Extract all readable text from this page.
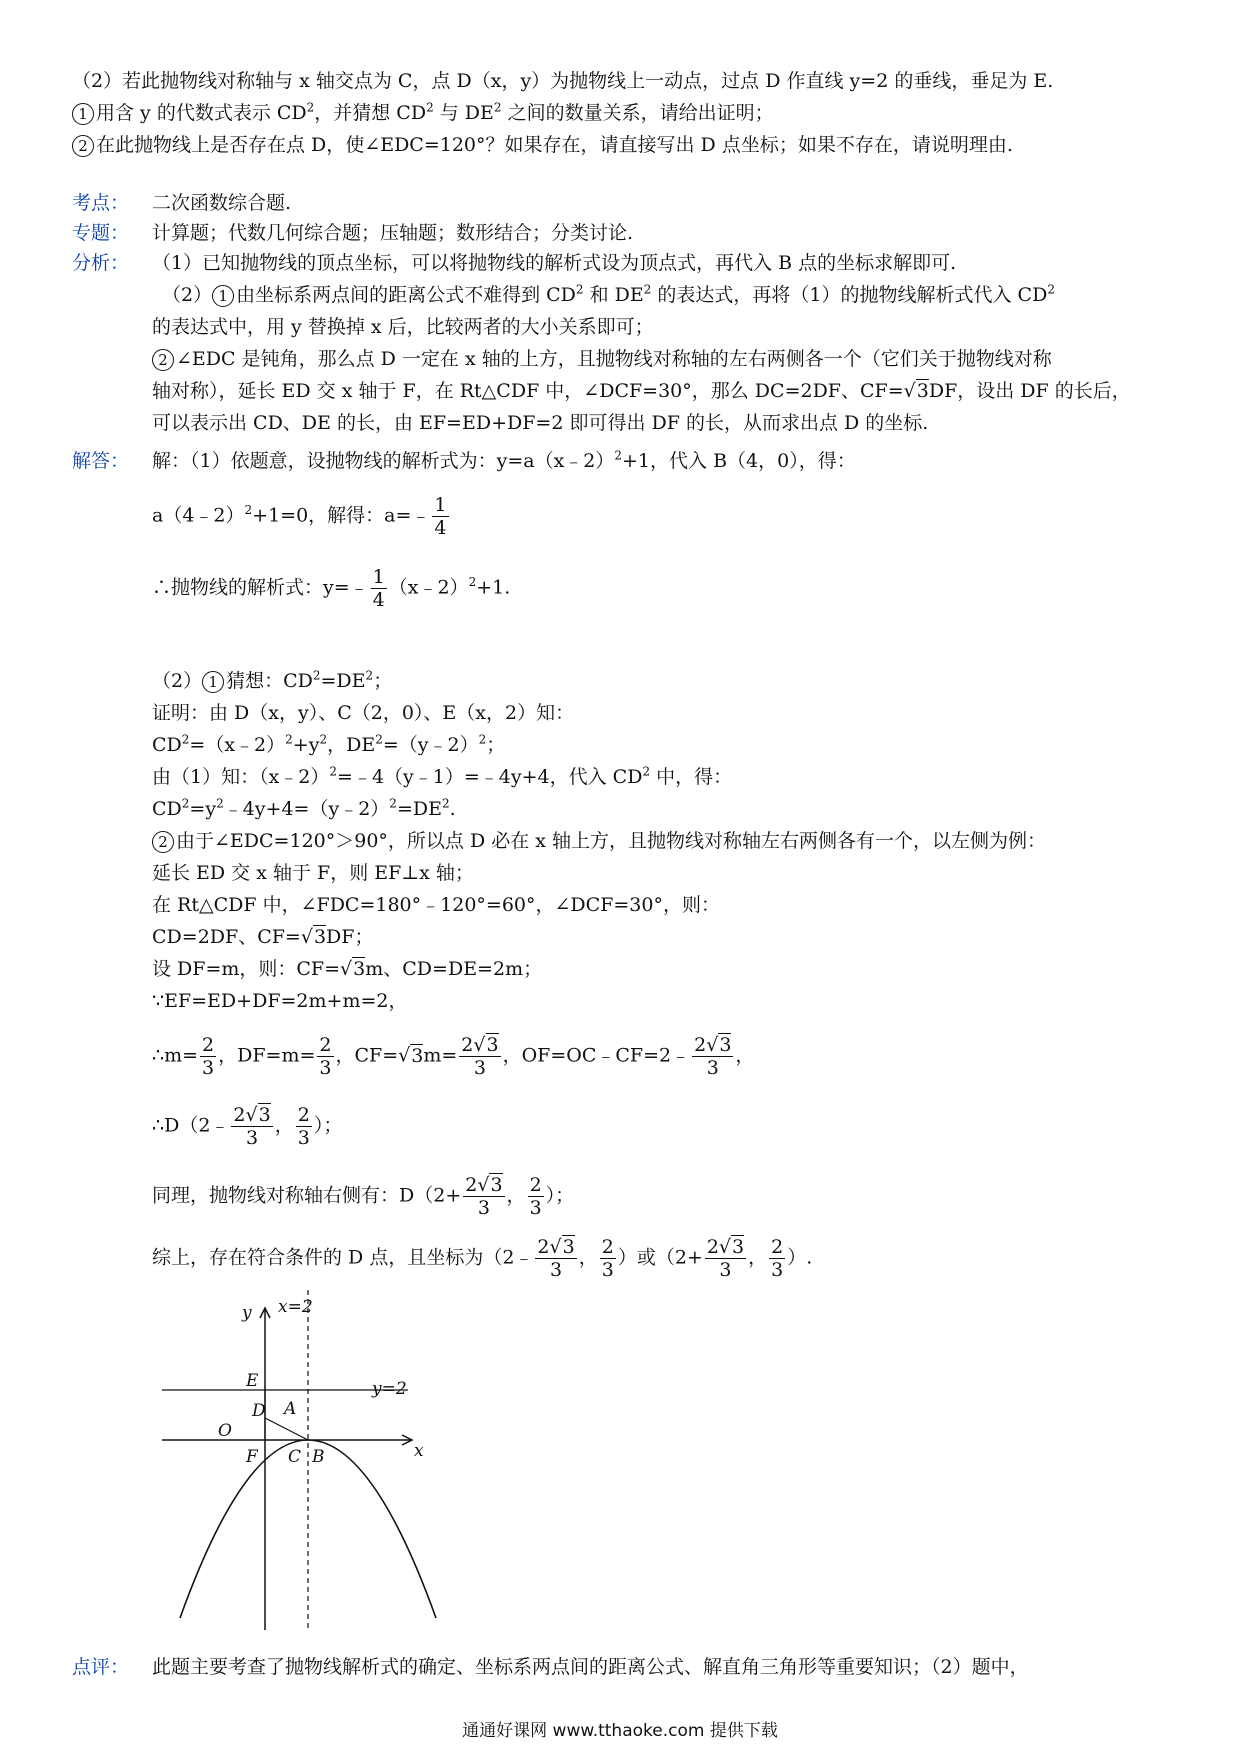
（2）若此抛物线对称轴与 x 轴交点为 C，点 D（x，y）为抛物线上一动点，过点 D 作直线 y=2 的垂线，垂足为 E.
1 用含 y 的代数式表示 $CD^2$，并猜想 $CD^2$ 与 $DE^2$ 之间的数量关系，请给出证明；
2 在此抛物线上是否存在点 D，使∠EDC=120°？如果存在，请直接写出 D 点坐标；如果不存在，请说明理由.
考点： 二次函数综合题.
专题： 计算题；代数几何综合题；压轴题；数形结合；分类讨论.
分析： （1）已知抛物线的顶点坐标，可以将抛物线的解析式设为顶点式，再代入 B 点的坐标求解即可.
（2） 1 由坐标系两点间的距离公式不难得到 $CD^2$ 和 $DE^2$ 的表达式，再将（1）的抛物线解析式代入 $CD^2$
的表达式中，用 y 替换掉 x 后，比较两者的大小关系即可；
2 ∠EDC 是钝角，那么点 D 一定在 x 轴的上方，且抛物线对称轴的左右两侧各一个（它们关于抛物线对称
轴对称），延长 ED 交 x 轴于 F，在 Rt△CDF 中，∠DCF=30°，那么 DC=2DF、CF=√3DF，设出 DF 的长后，
可以表示出 CD、DE 的长，由 EF=ED+DF=2 即可得出 DF 的长，从而求出点 D 的坐标.
解答： 解：（1）依题意，设抛物线的解析式为：y=a（x﹣2）$^2$+1，代入 B（4，0），得：
a（4﹣2）$^2$+1=0，解得：a=﹣ $\frac{1}{4}$
∴抛物线的解析式：y=﹣ $\frac{1}{4}$ （x﹣2）$^2$+1.
（2） 1 猜想：$CD^2=DE^2$；
证明：由 D（x，y）、C（2，0）、E（x，2）知：
$CD^2=(x﹣2)^2+y^2$，$DE^2=(y﹣2)^2$；
由（1）知：（x﹣2）$^2$=﹣4（y﹣1）=﹣4y+4，代入 $CD^2$ 中，得：
$CD^2=y^2﹣4y+4=(y﹣2)^2=DE^2$.
2 由于∠EDC=120°＞90°，所以点 D 必在 x 轴上方，且抛物线对称轴左右两侧各有一个，以左侧为例：
延长 ED 交 x 轴于 F，则 EF⊥x 轴；
在 Rt△CDF 中，∠FDC=180°﹣120°=60°，∠DCF=30°，则：
CD=2DF、CF=√3DF；
设 DF=m，则：CF=√3m、CD=DE=2m；
∵EF=ED+DF=2m+m=2，
∴m= $\frac{2}{3}$ ，$DF=m= \frac{2}{3}$ ，$CF=√3m= \frac{2√3}{3}$ ，OF=OC﹣CF=2﹣ $\frac{2√3}{3}$ ，
∴D（2﹣ $\frac{2√3}{3}$ ， $\frac{2}{3}$ ）；
同理，抛物线对称轴右侧有：$D(2+ \frac{2√3}{3}$ ， $\frac{2}{3}$ ）；
综上，存在符合条件的 D 点，且坐标为（2﹣ $\frac{2√3}{3}$ ， $\frac{2}{3}$ ）或（$2+ \frac{2√3}{3}$ ， $\frac{2}{3}$ ）.
x=2
y=2
y
x
E
D A
O
F C B
点评： 此题主要考查了抛物线解析式的确定、坐标系两点间的距离公式、解直角三角形等重要知识；（2）题中，
通通好课网 www.tthaoke.com 提供下载
